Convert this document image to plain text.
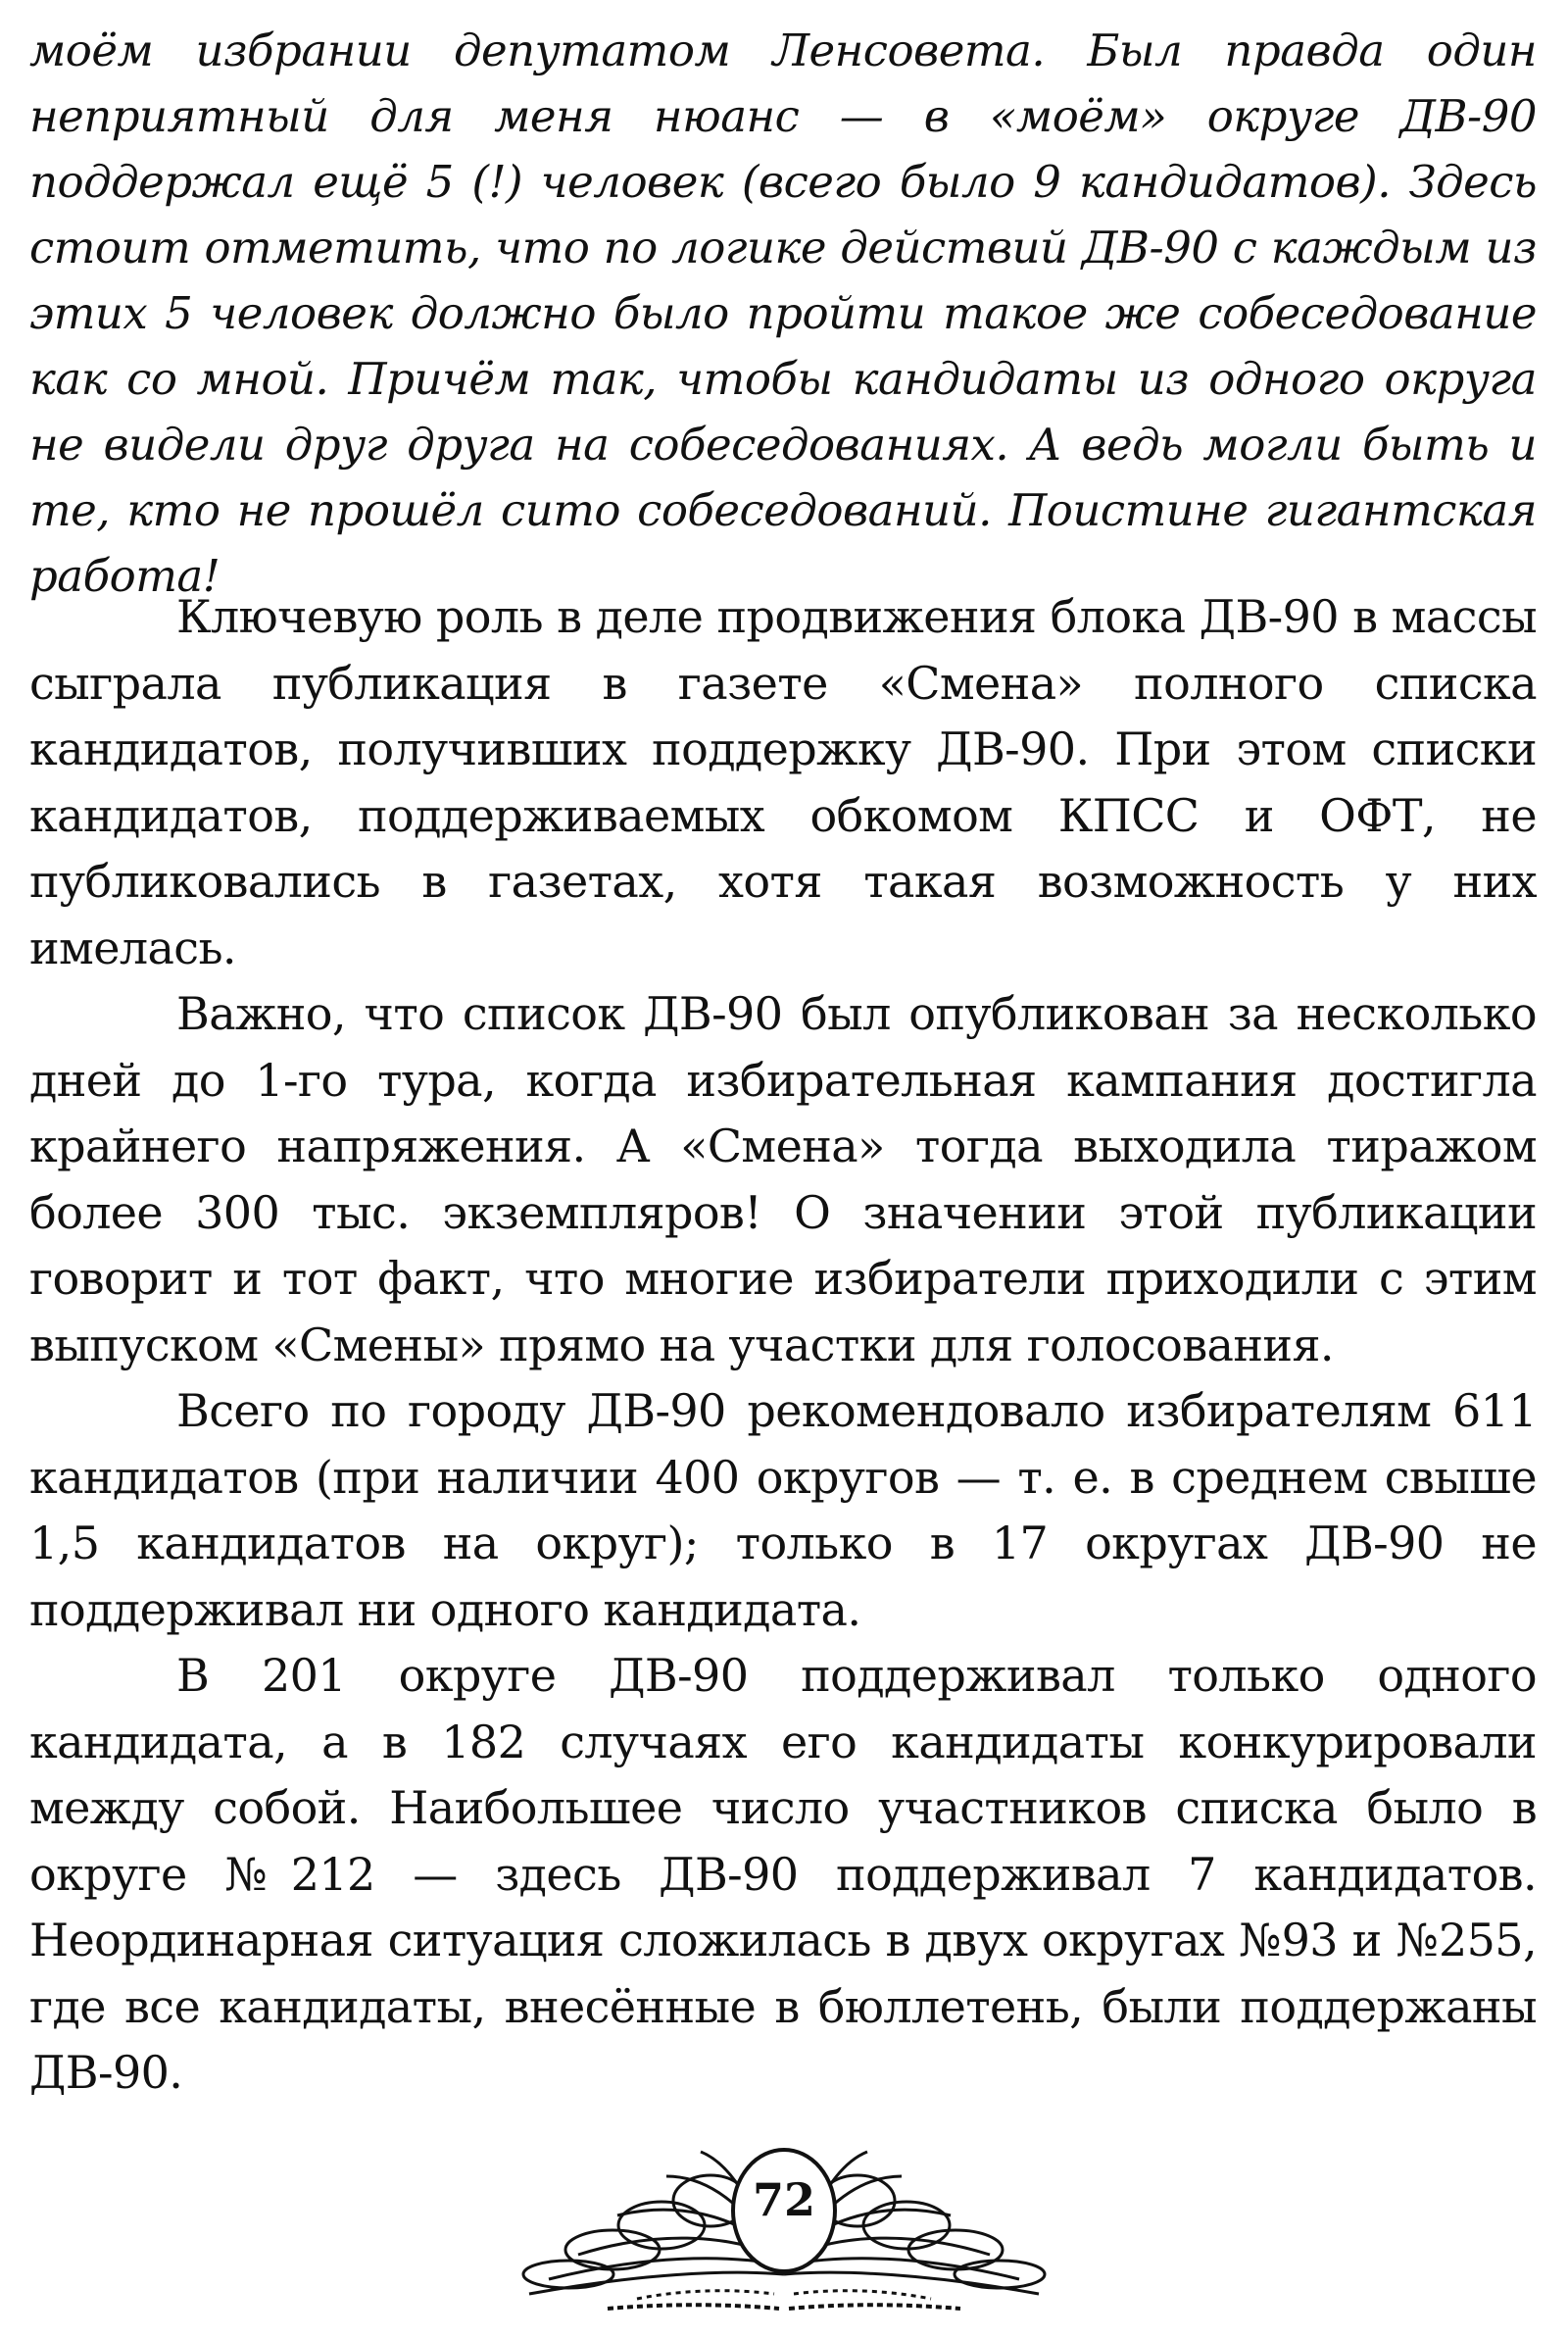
моём избрании депутатом Ленсовета. Был правда один неприятный для меня нюанс — в «моём» округе ДВ-90 поддержал ещё 5 (!) человек (всего было 9 кандидатов). Здесь стоит отметить, что по логике действий ДВ-90 с каждым из этих 5 человек должно было пройти такое же собеседование как со мной. Причём так, чтобы кандидаты из одного округа не видели друг друга на собеседованиях. А ведь могли быть и те, кто не прошёл сито собеседований. Поистине гигантская работа!

Ключевую роль в деле продвижения блока ДВ-90 в массы сыграла публикация в газете «Смена» полного списка кандидатов, получивших поддержку ДВ-90. При этом списки кандидатов, поддерживаемых обкомом КПСС и ОФТ, не публиковались в газетах, хотя такая возможность у них имелась.

Важно, что список ДВ-90 был опубликован за несколько дней до 1-го тура, когда избирательная кампания достигла крайнего напряжения. А «Смена» тогда выходила тиражом более 300 тыс. экземпляров! О значении этой публикации говорит и тот факт, что многие избиратели приходили с этим выпуском «Смены» прямо на участки для голосования.

Всего по городу ДВ-90 рекомендовало избирателям 611 кандидатов (при наличии 400 округов — т. е. в среднем свыше 1,5 кандидатов на округ); только в 17 округах ДВ-90 не поддерживал ни одного кандидата.

В 201 округе ДВ-90 поддерживал только одного кандидата, а в 182 случаях его кандидаты конкурировали между собой. Наибольшее число участников списка было в округе №212 — здесь ДВ-90 поддерживал 7 кандидатов. Неординарная ситуация сложилась в двух округах №93 и №255, где все кандидаты, внесённые в бюллетень, были поддержаны ДВ-90.

72
